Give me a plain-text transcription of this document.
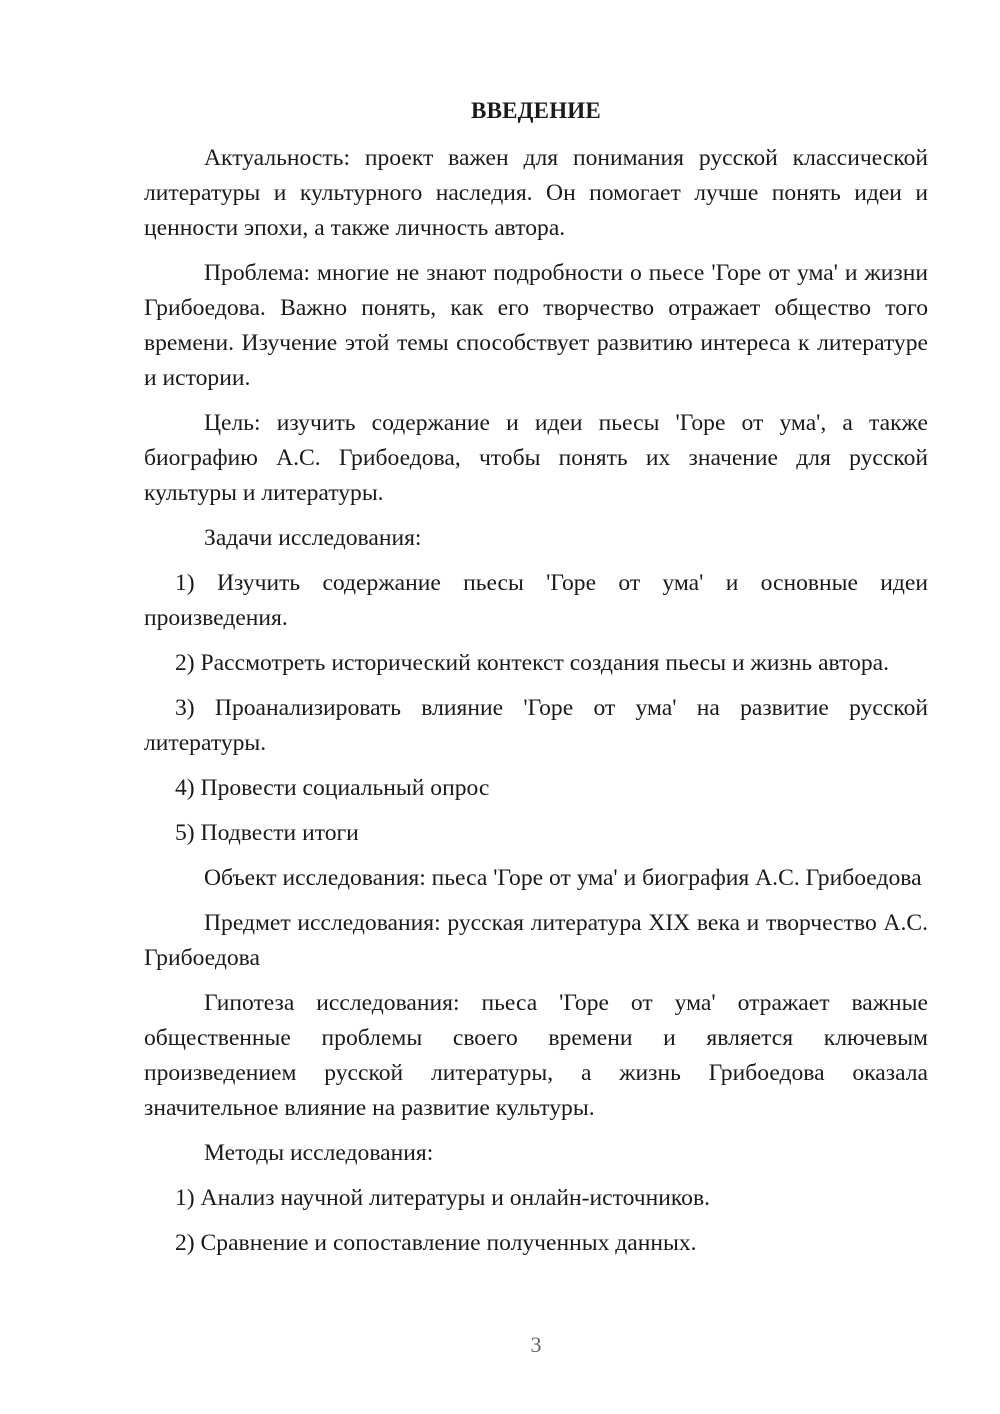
ВВЕДЕНИЕ

Актуальность: проект важен для понимания русской классической литературы и культурного наследия. Он помогает лучше понять идеи и ценности эпохи, а также личность автора.

Проблема: многие не знают подробности о пьесе 'Горе от ума' и жизни Грибоедова. Важно понять, как его творчество отражает общество того времени. Изучение этой темы способствует развитию интереса к литературе и истории.

Цель: изучить содержание и идеи пьесы 'Горе от ума', а также биографию А.С. Грибоедова, чтобы понять их значение для русской культуры и литературы.

Задачи исследования:

1) Изучить содержание пьесы 'Горе от ума' и основные идеи произведения.

2) Рассмотреть исторический контекст создания пьесы и жизнь автора.

3) Проанализировать влияние 'Горе от ума' на развитие русской литературы.

4) Провести социальный опрос

5) Подвести итоги

Объект исследования: пьеса 'Горе от ума' и биография А.С. Грибоедова

Предмет исследования: русская литература XIX века и творчество А.С. Грибоедова

Гипотеза исследования: пьеса 'Горе от ума' отражает важные общественные проблемы своего времени и является ключевым произведением русской литературы, а жизнь Грибоедова оказала значительное влияние на развитие культуры.

Методы исследования:

1) Анализ научной литературы и онлайн-источников.

2) Сравнение и сопоставление полученных данных.

3
